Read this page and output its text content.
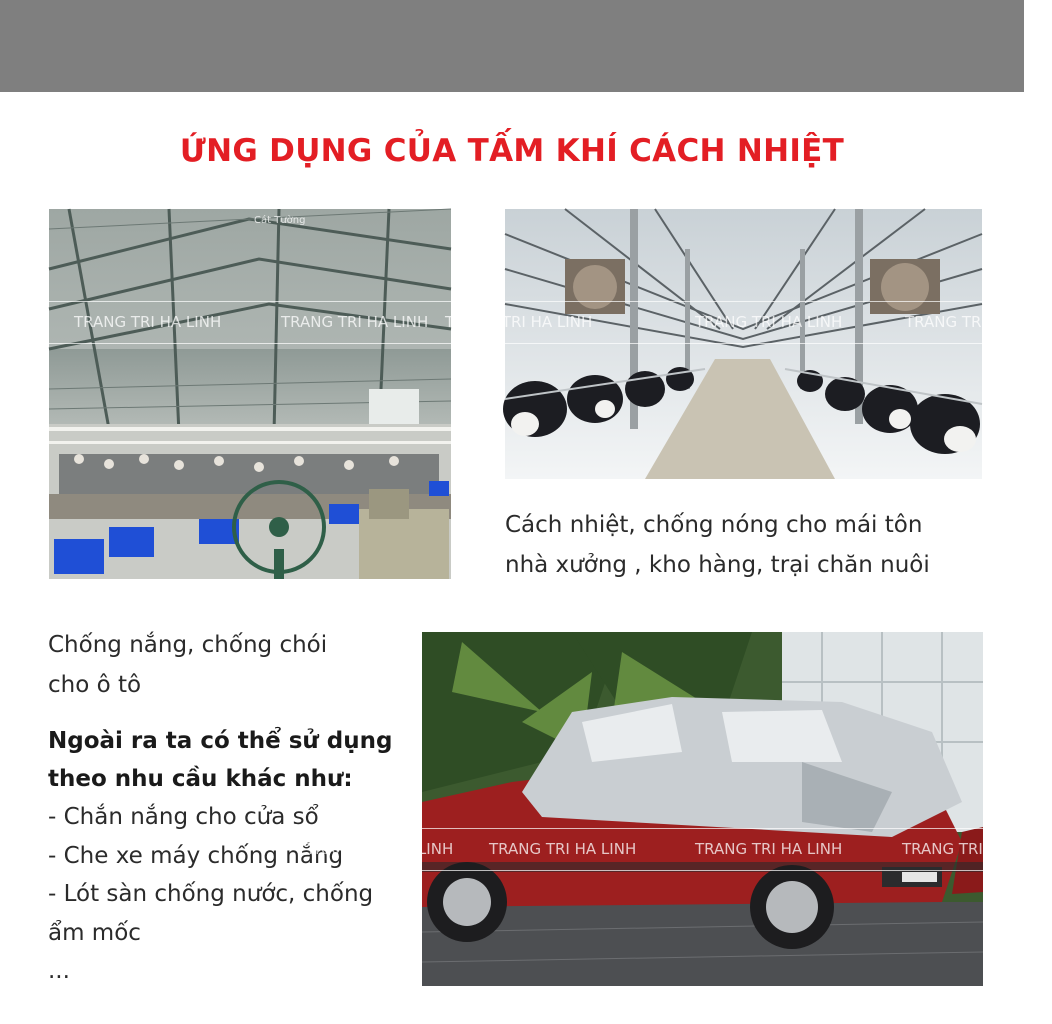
ỨNG DỤNG CỦA TẤM KHÍ CÁCH NHIỆT
TRANG TRI HA LINH	TRANG TRI HA LINH
Cát Tường
TRANG TRI HA LINH	TRANG TRI HA LINH	TRANG TRI HA LINH
Cách nhiệt, chống nóng cho mái tôn
nhà xưởng , kho hàng, trại chăn nuôi
Chống nắng, chống chói
cho ô tô
Ngoài ra ta có thể sử dụng
theo nhu cầu khác như:
- Chắn nắng cho cửa sổ
- Che xe máy chống nắng
- Lót sàn chống nước, chống
ẩm mốc
...
TRANG TRI HA LINH TRANG TRI HA LINH	TRANG TRI HA LINH	TRANG TRI HA LINH
